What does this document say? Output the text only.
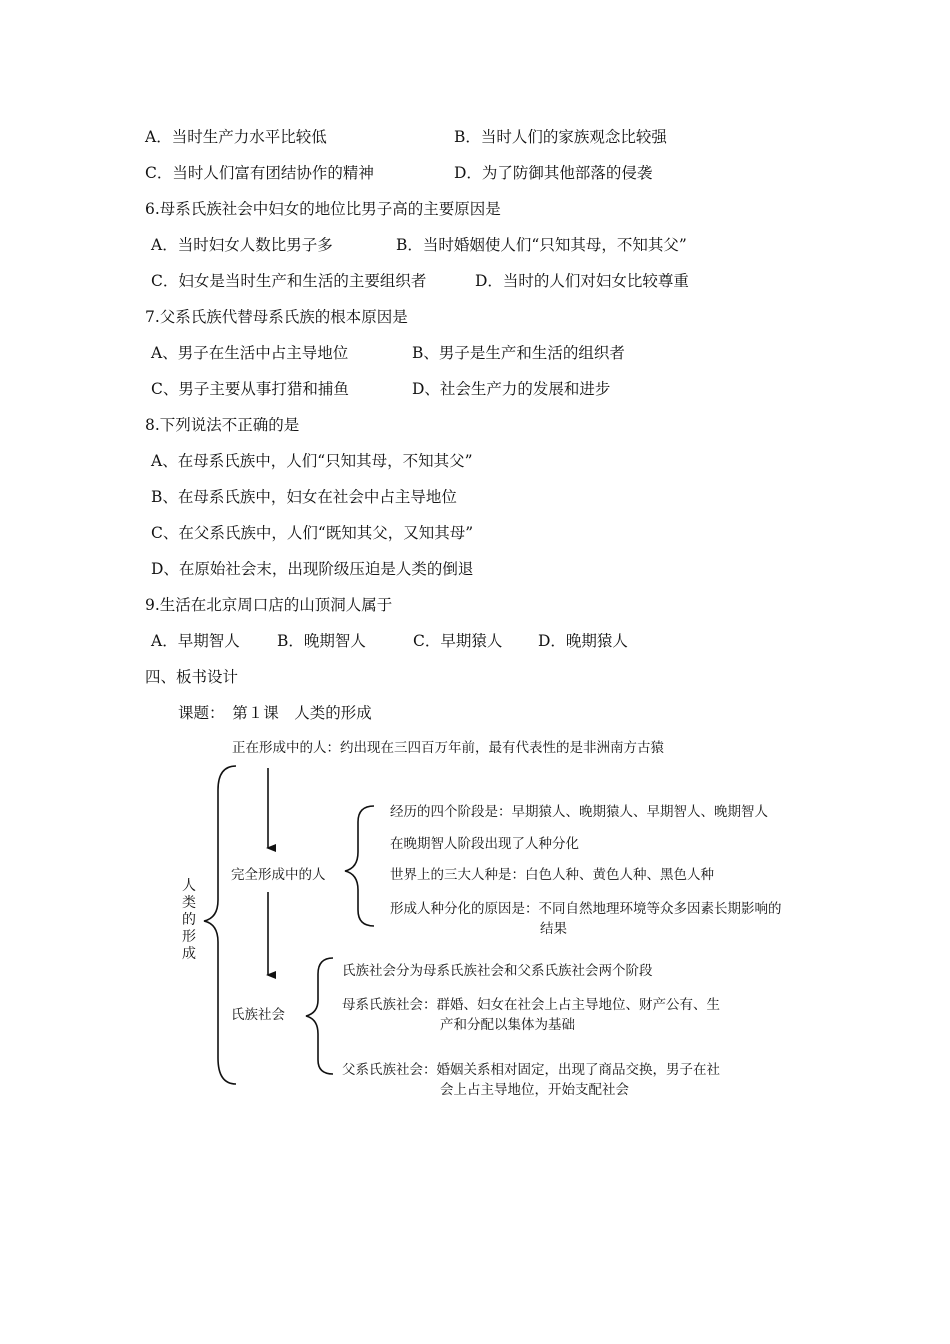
A．当时生产力水平比较低	B．当时人们的家族观念比较强
C．当时人们富有团结协作的精神	D．为了防御其他部落的侵袭
6.母系氏族社会中妇女的地位比男子高的主要原因是
A．当时妇女人数比男子多	B．当时婚姻使人们“只知其母，不知其父”
C．妇女是当时生产和生活的主要组织者	D．当时的人们对妇女比较尊重
7.父系氏族代替母系氏族的根本原因是
A、男子在生活中占主导地位	B、男子是生产和生活的组织者
C、男子主要从事打猎和捕鱼	D、社会生产力的发展和进步
8.下列说法不正确的是
A、在母系氏族中，人们“只知其母，不知其父”
B、在母系氏族中，妇女在社会中占主导地位
C、在父系氏族中，人们“既知其父，又知其母”
D、在原始社会末，出现阶级压迫是人类的倒退
9.生活在北京周口店的山顶洞人属于
A．早期智人 B．晚期智人	C．早期猿人 D．晚期猿人
四、板书设计
课题：　第１课　人类的形成
人类的形成
正在形成中的人：约出现在三四百万年前，最有代表性的是非洲南方古猿
完全形成中的人
经历的四个阶段是：早期猿人、晚期猿人、早期智人、晚期智人
在晚期智人阶段出现了人种分化
世界上的三大人种是：白色人种、黄色人种、黑色人种
形成人种分化的原因是：不同自然地理环境等众多因素长期影响的
结果
氏族社会
氏族社会分为母系氏族社会和父系氏族社会两个阶段
母系氏族社会：群婚、妇女在社会上占主导地位、财产公有、生
产和分配以集体为基础
父系氏族社会：婚姻关系相对固定，出现了商品交换，男子在社
会上占主导地位，开始支配社会
